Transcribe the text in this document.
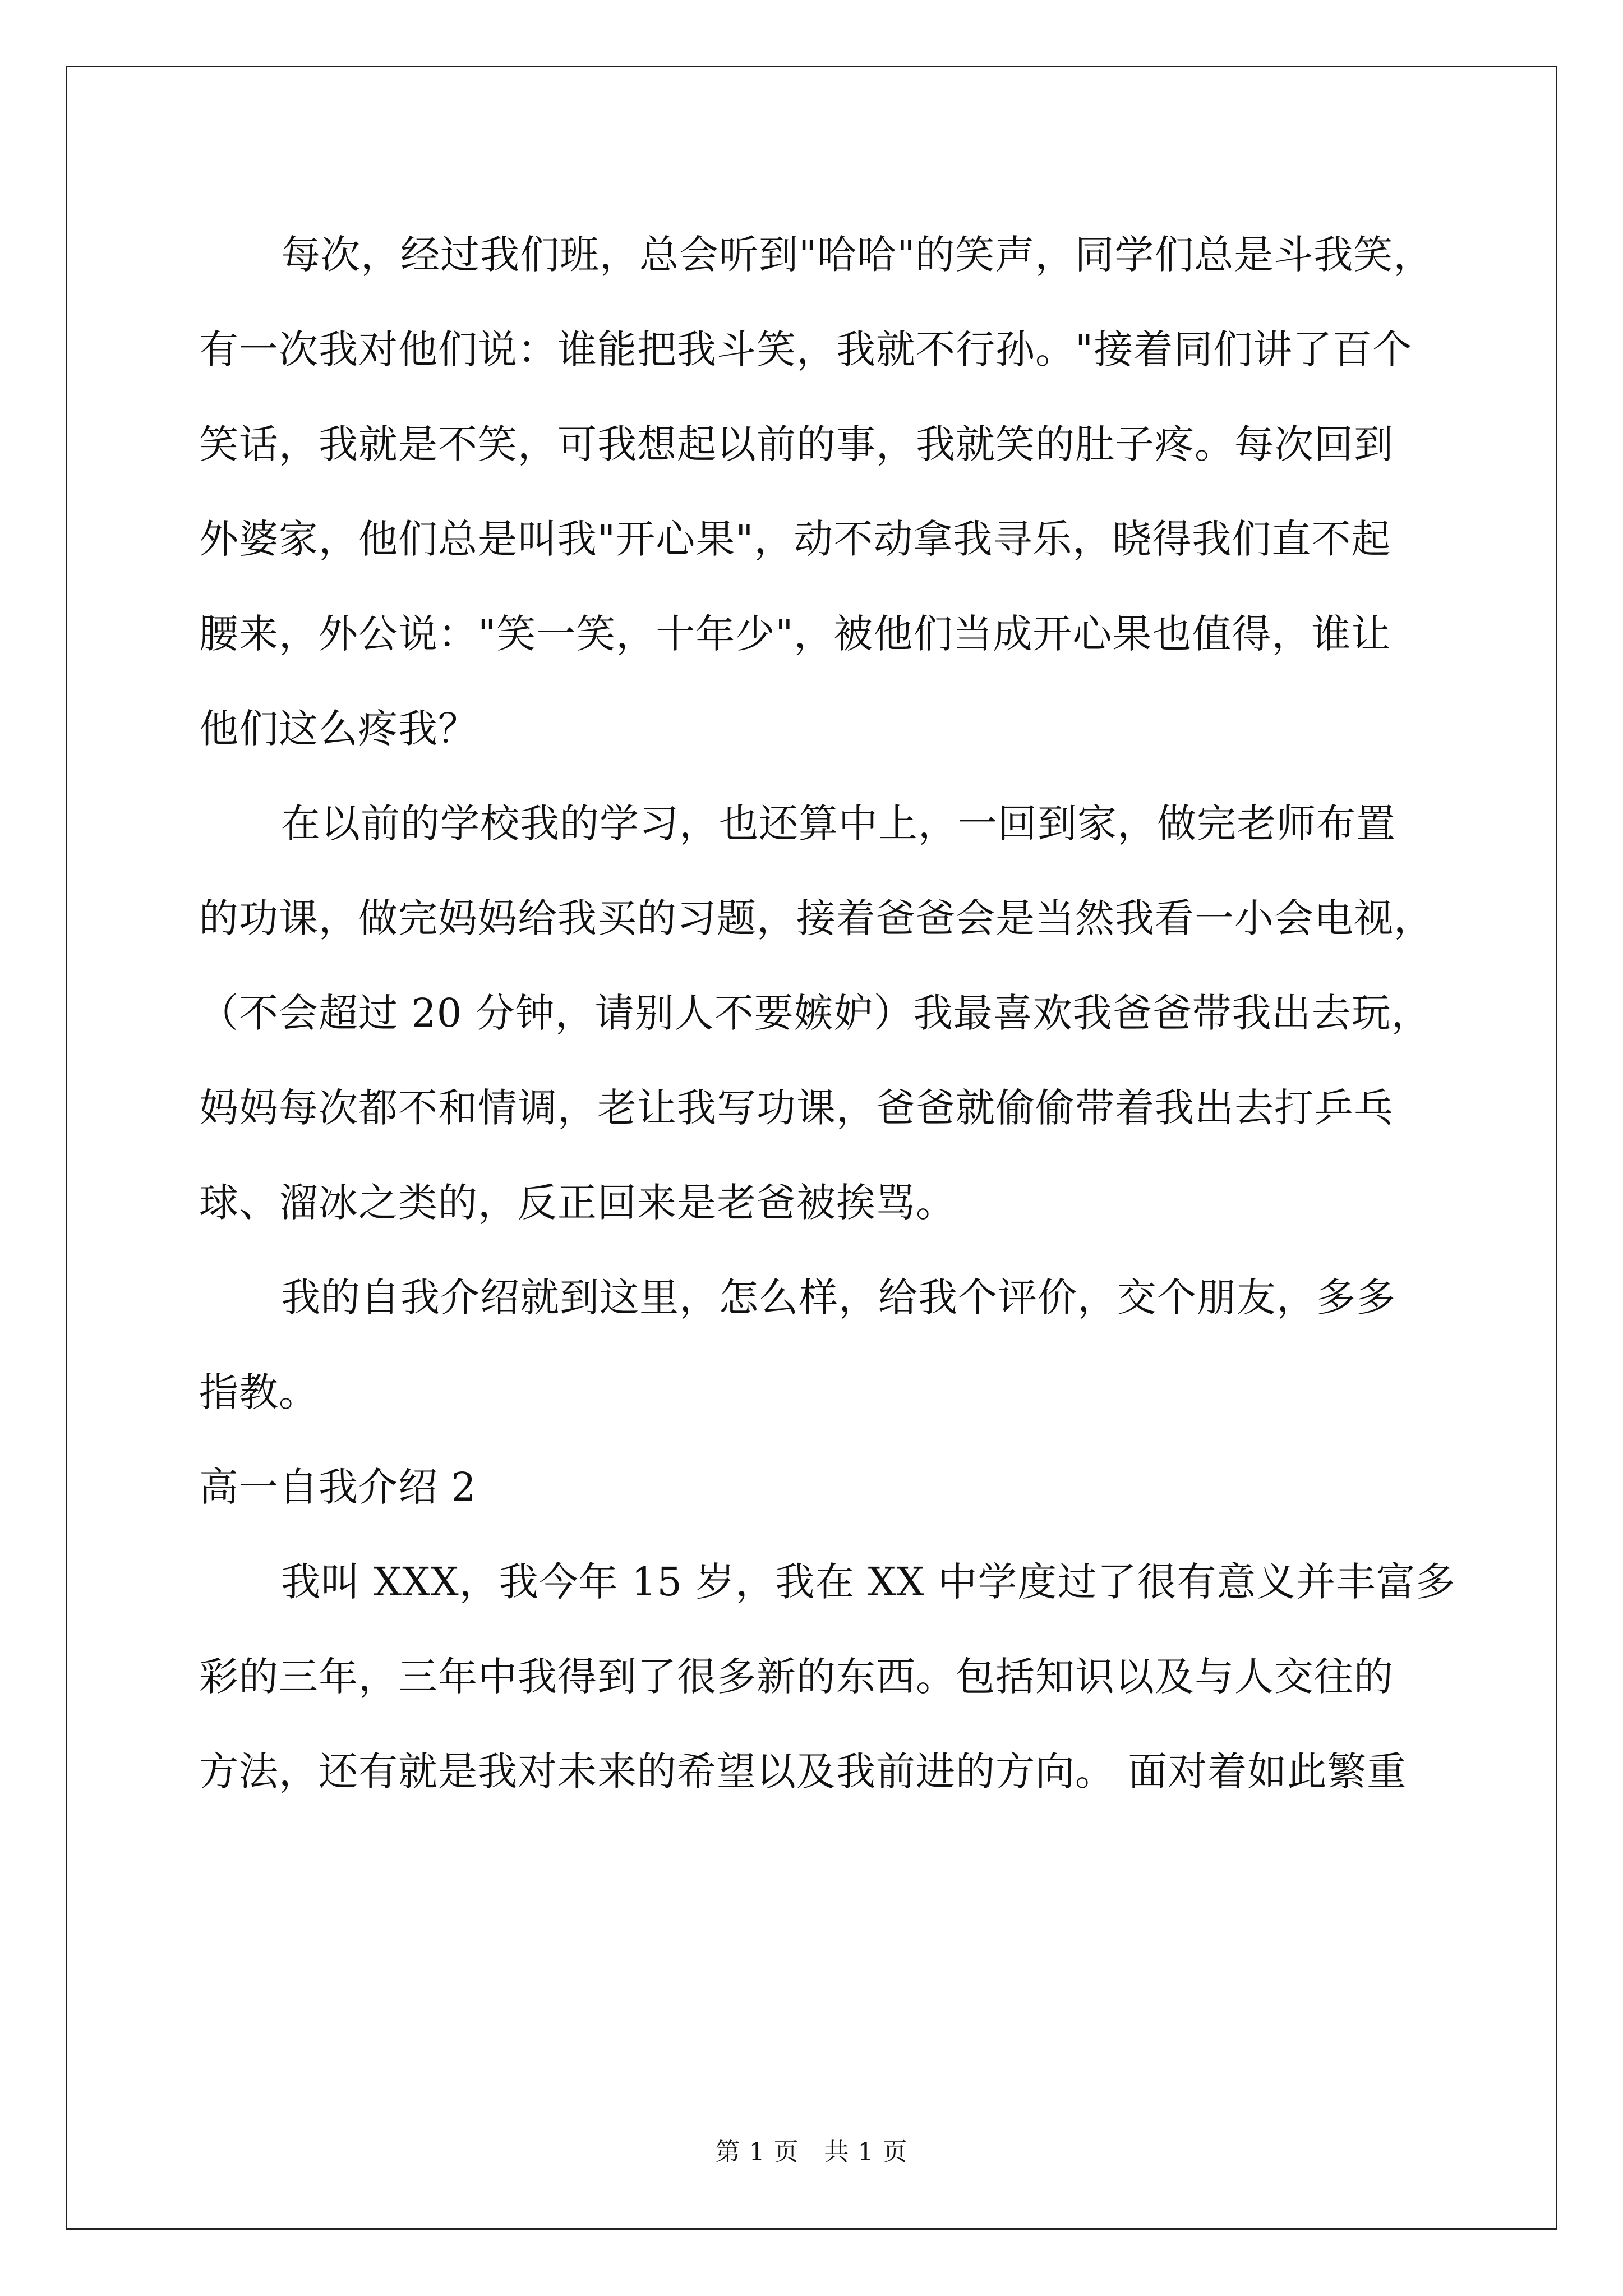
每次，经过我们班，总会听到"哈哈"的笑声，同学们总是斗我笑，
有一次我对他们说：谁能把我斗笑，我就不行孙。"接着同们讲了百个
笑话，我就是不笑，可我想起以前的事，我就笑的肚子疼。每次回到
外婆家，他们总是叫我"开心果"，动不动拿我寻乐，晓得我们直不起
腰来，外公说："笑一笑，十年少"，被他们当成开心果也值得，谁让
他们这么疼我？
在以前的学校我的学习，也还算中上，一回到家，做完老师布置
的功课，做完妈妈给我买的习题，接着爸爸会是当然我看一小会电视，
（不会超过 20 分钟，请别人不要嫉妒）我最喜欢我爸爸带我出去玩，
妈妈每次都不和情调，老让我写功课，爸爸就偷偷带着我出去打乒乓
球、溜冰之类的，反正回来是老爸被挨骂。
我的自我介绍就到这里，怎么样，给我个评价，交个朋友，多多
指教。
高一自我介绍 2
我叫 XXX，我今年 15 岁，我在 XX 中学度过了很有意义并丰富多
彩的三年，三年中我得到了很多新的东西。包括知识以及与人交往的
方法，还有就是我对未来的希望以及我前进的方向。 面对着如此繁重
第 1 页　共 1 页
